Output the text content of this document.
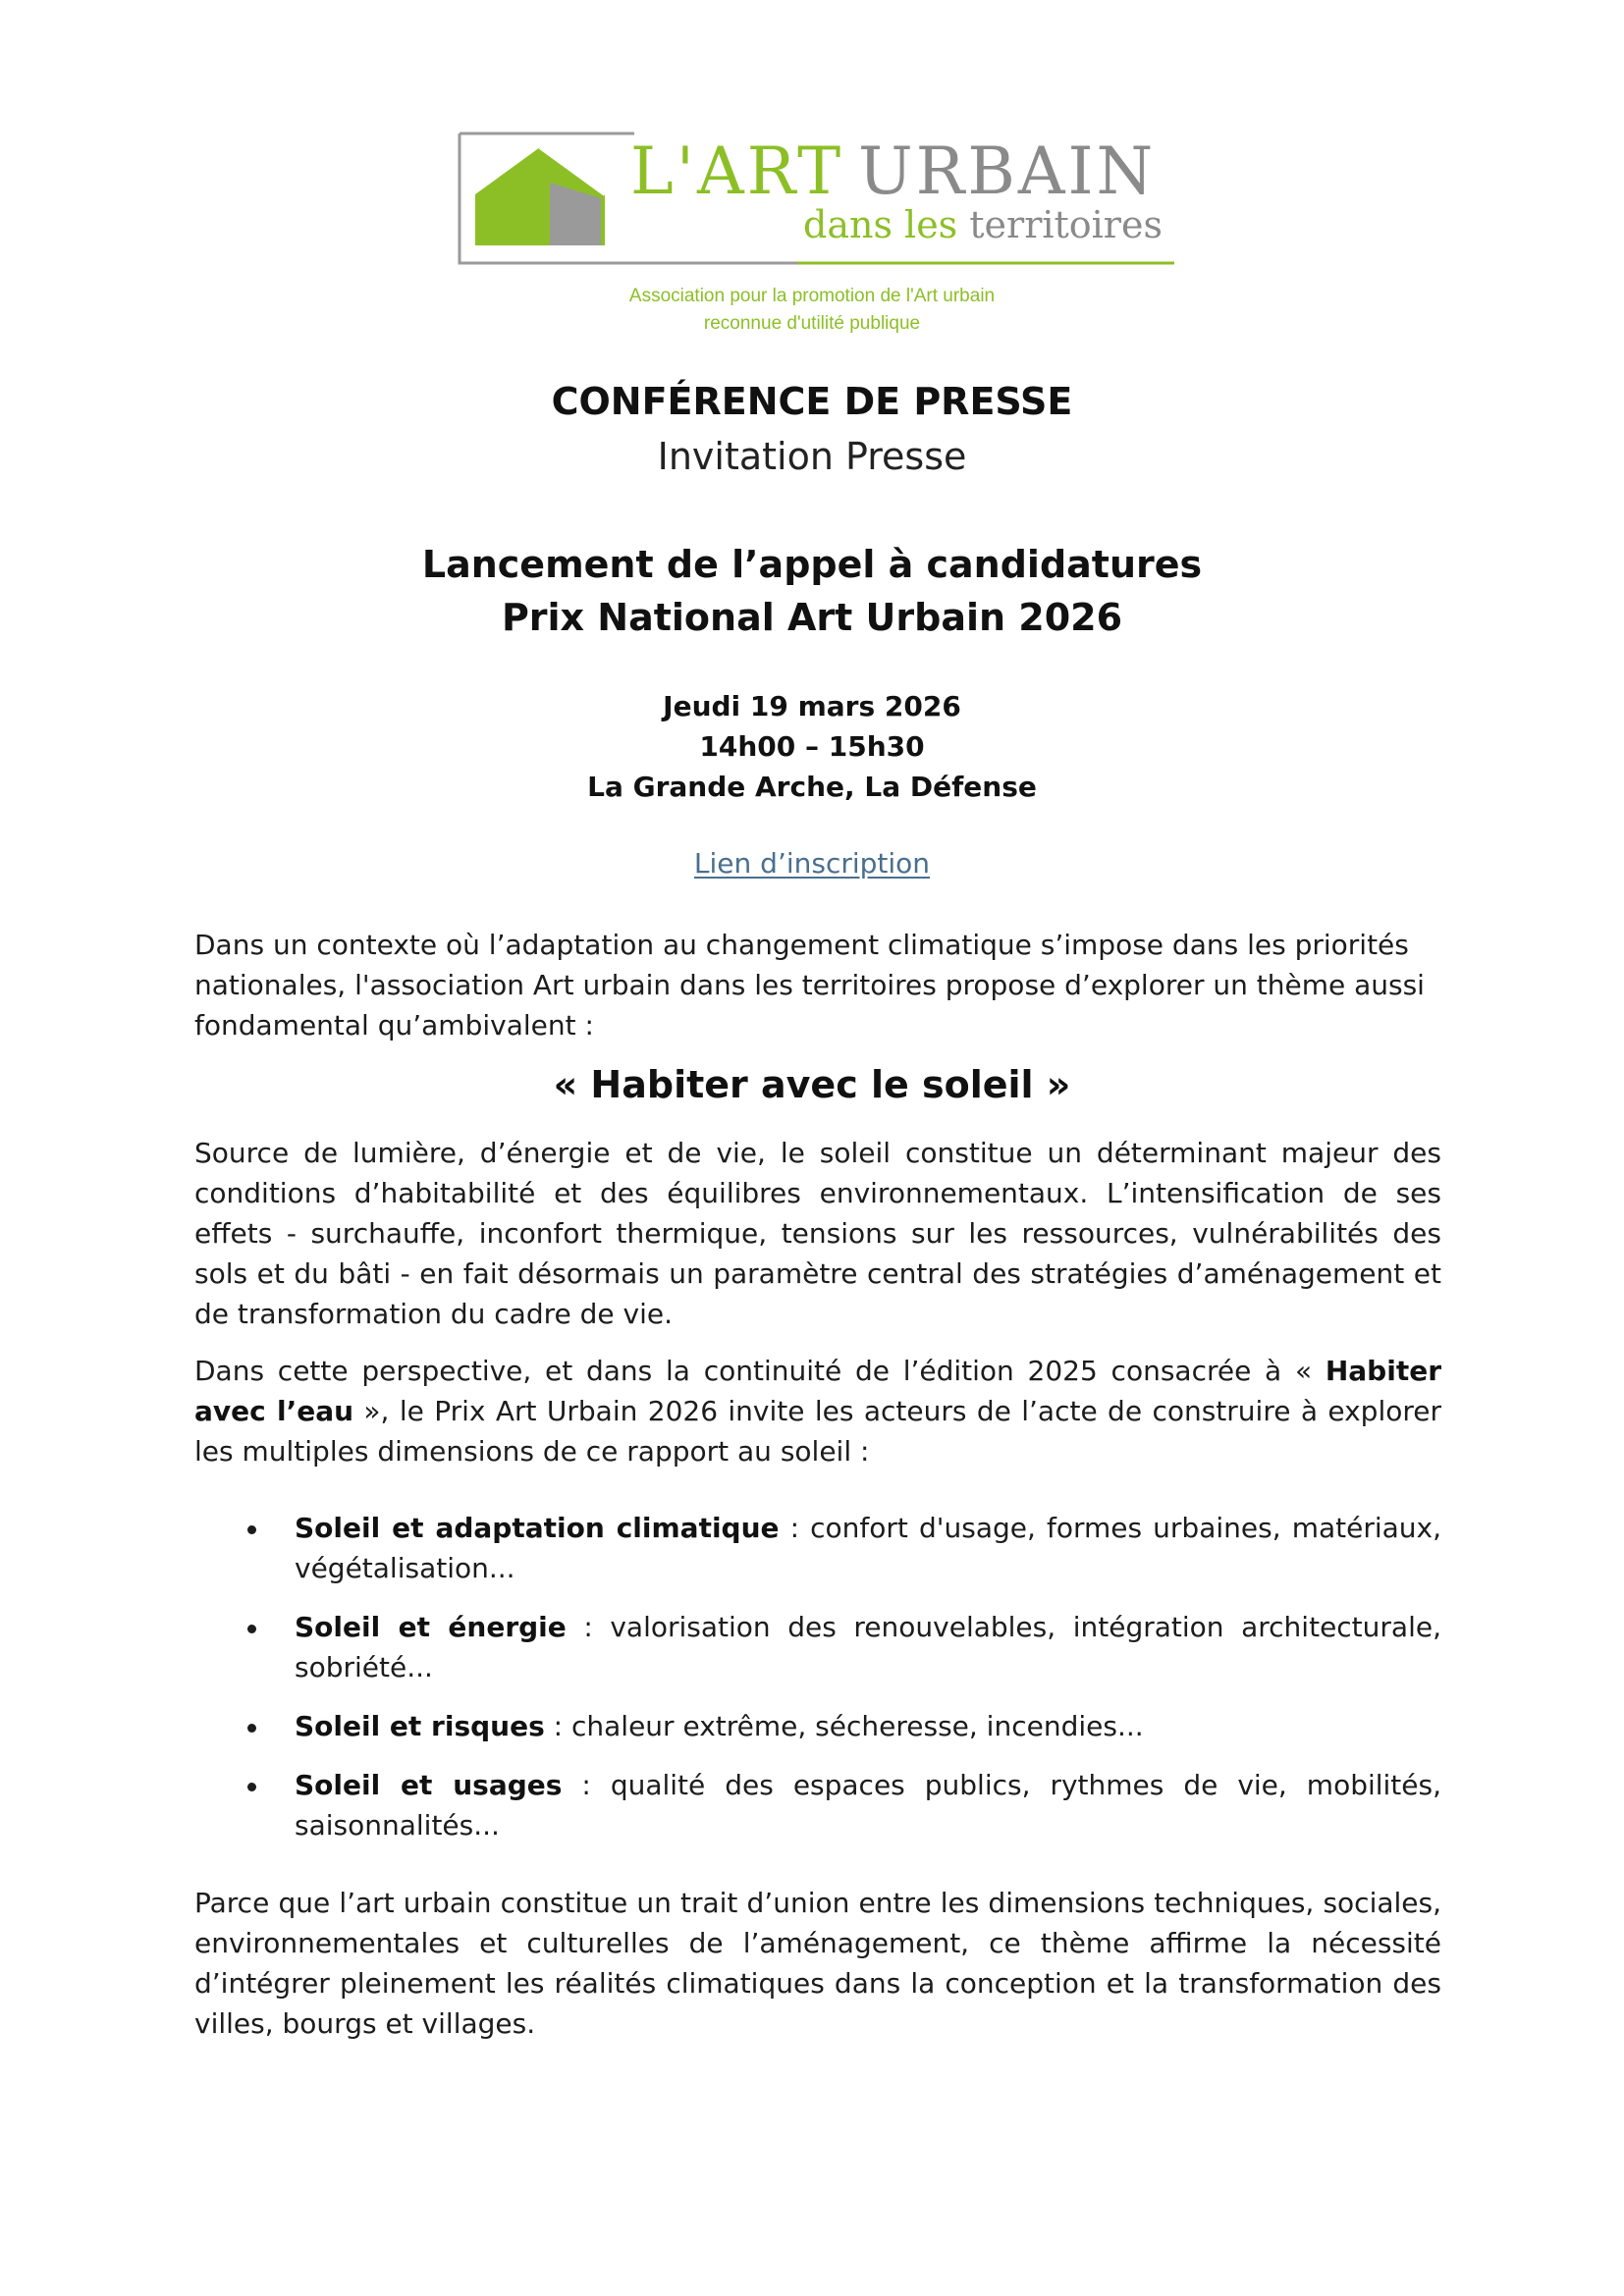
L'ART URBAIN
dans les territoires
Association pour la promotion de l'Art urbain
reconnue d'utilité publique
CONFÉRENCE DE PRESSE
Invitation Presse
Lancement de l’appel à candidatures
Prix National Art Urbain 2026
Jeudi 19 mars 2026
14h00 – 15h30
La Grande Arche, La Défense
Lien d’inscription

Dans un contexte où l’adaptation au changement climatique s’impose dans les priorités nationales, l'association Art urbain dans les territoires propose d’explorer un thème aussi fondamental qu’ambivalent :

« Habiter avec le soleil »

Source de lumière, d’énergie et de vie, le soleil constitue un déterminant majeur des conditions d’habitabilité et des équilibres environnementaux. L’intensification de ses effets - surchauffe, inconfort thermique, tensions sur les ressources, vulnérabilités des sols et du bâti - en fait désormais un paramètre central des stratégies d’aménagement et de transformation du cadre de vie.

Dans cette perspective, et dans la continuité de l’édition 2025 consacrée à « Habiter avec l’eau », le Prix Art Urbain 2026 invite les acteurs de l’acte de construire à explorer les multiples dimensions de ce rapport au soleil :

Soleil et adaptation climatique : confort d'usage, formes urbaines, matériaux, végétalisation...
Soleil et énergie : valorisation des renouvelables, intégration architecturale, sobriété...
Soleil et risques : chaleur extrême, sécheresse, incendies...
Soleil et usages : qualité des espaces publics, rythmes de vie, mobilités, saisonnalités...

Parce que l’art urbain constitue un trait d’union entre les dimensions techniques, sociales, environnementales et culturelles de l’aménagement, ce thème affirme la nécessité d’intégrer pleinement les réalités climatiques dans la conception et la transformation des villes, bourgs et villages.
